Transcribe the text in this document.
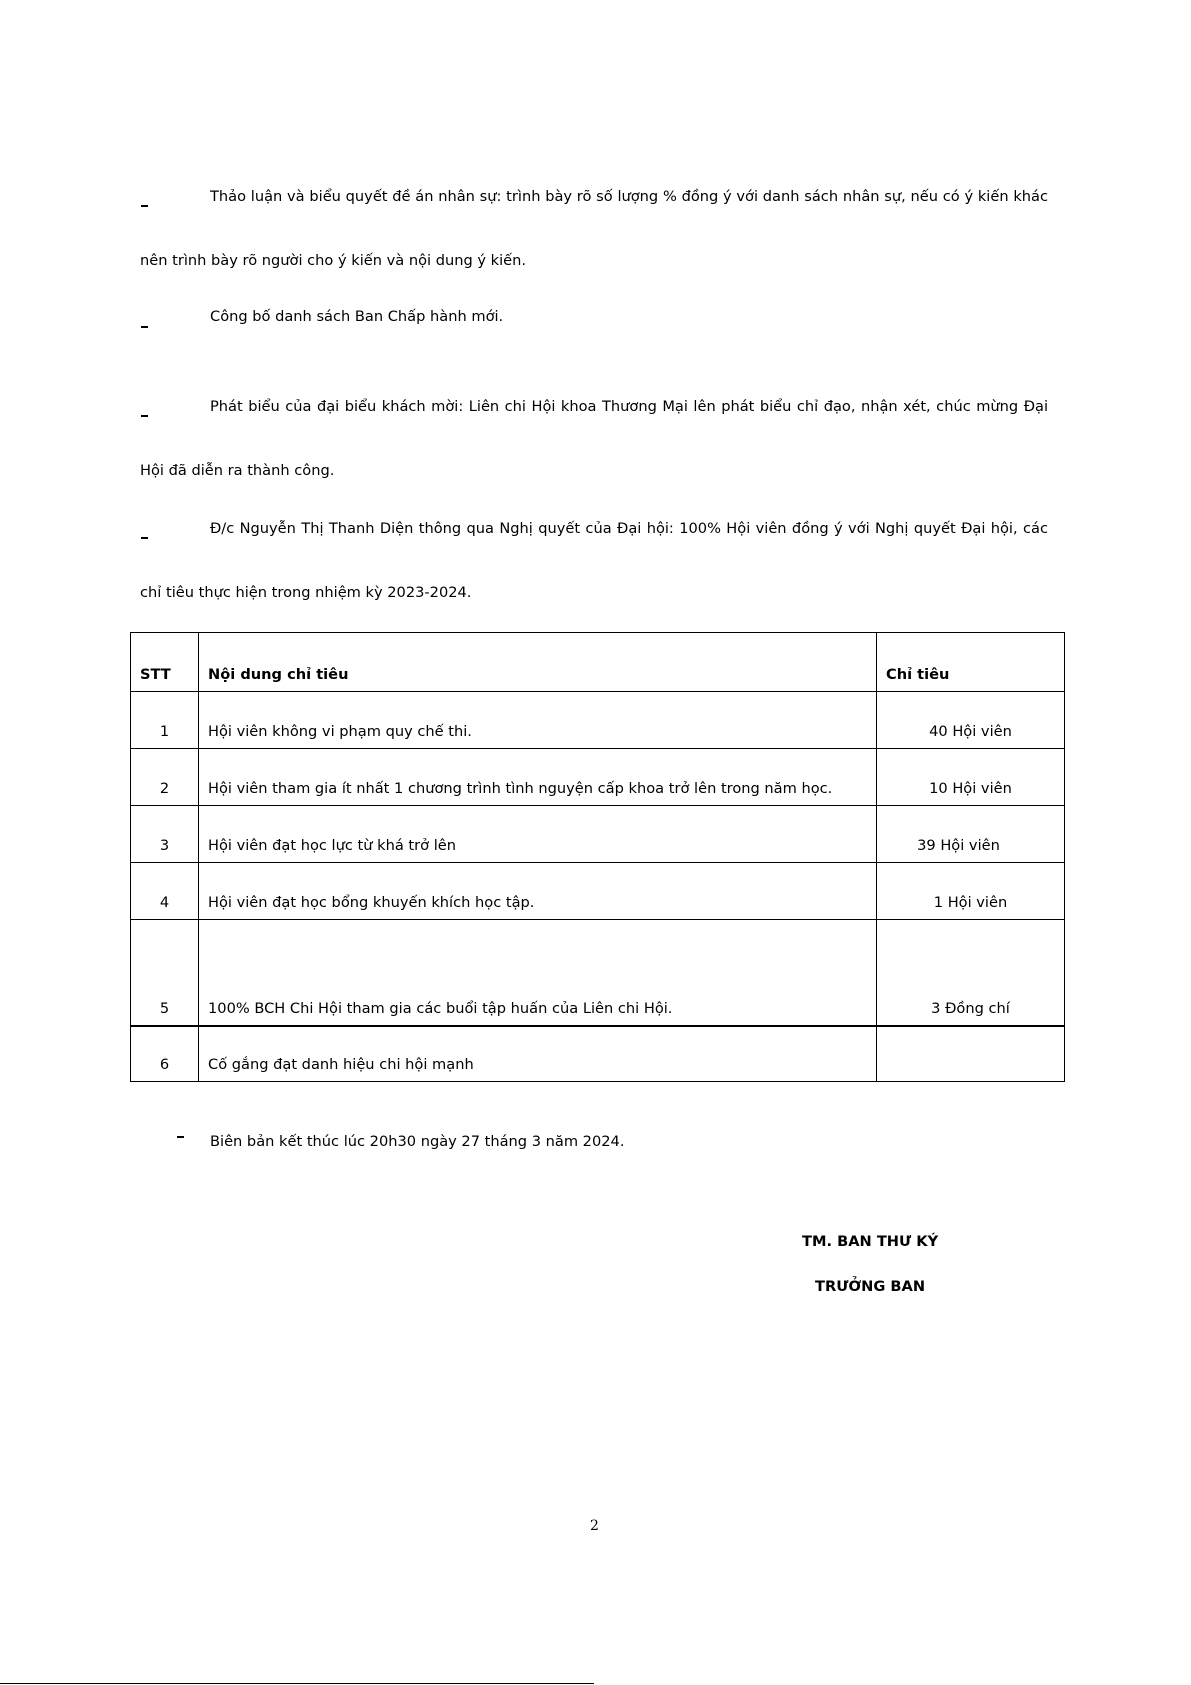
Thảo luận và biểu quyết đề án nhân sự: trình bày rõ số lượng % đồng ý với danh sách nhân sự, nếu có ý kiến khác
nên trình bày rõ người cho ý kiến và nội dung ý kiến.

Công bố danh sách Ban Chấp hành mới.

Phát biểu của đại biểu khách mời: Liên chi Hội khoa Thương Mại lên phát biểu chỉ đạo, nhận xét, chúc mừng Đại
Hội đã diễn ra thành công.

Đ/c Nguyễn Thị Thanh Diện thông qua Nghị quyết của Đại hội: 100% Hội viên đồng ý với Nghị quyết Đại hội, các
chỉ tiêu thực hiện trong nhiệm kỳ 2023-2024.

STT	Nội dung chỉ tiêu	Chỉ tiêu
1	Hội viên không vi phạm quy chế thi.	40 Hội viên
2	Hội viên tham gia ít nhất 1 chương trình tình nguyện cấp khoa trở lên trong năm học.	10 Hội viên
3	Hội viên đạt học lực từ khá trở lên	39 Hội viên
4	Hội viên đạt học bổng khuyến khích học tập.	1 Hội viên
5	100% BCH Chi Hội tham gia các buổi tập huấn của Liên chi Hội.	3 Đồng chí
6	Cố gắng đạt danh hiệu chi hội mạnh	

Biên bản kết thúc lúc 20h30 ngày 27 tháng 3 năm 2024.

TM. BAN THƯ KÝ
TRƯỞNG BAN
2
